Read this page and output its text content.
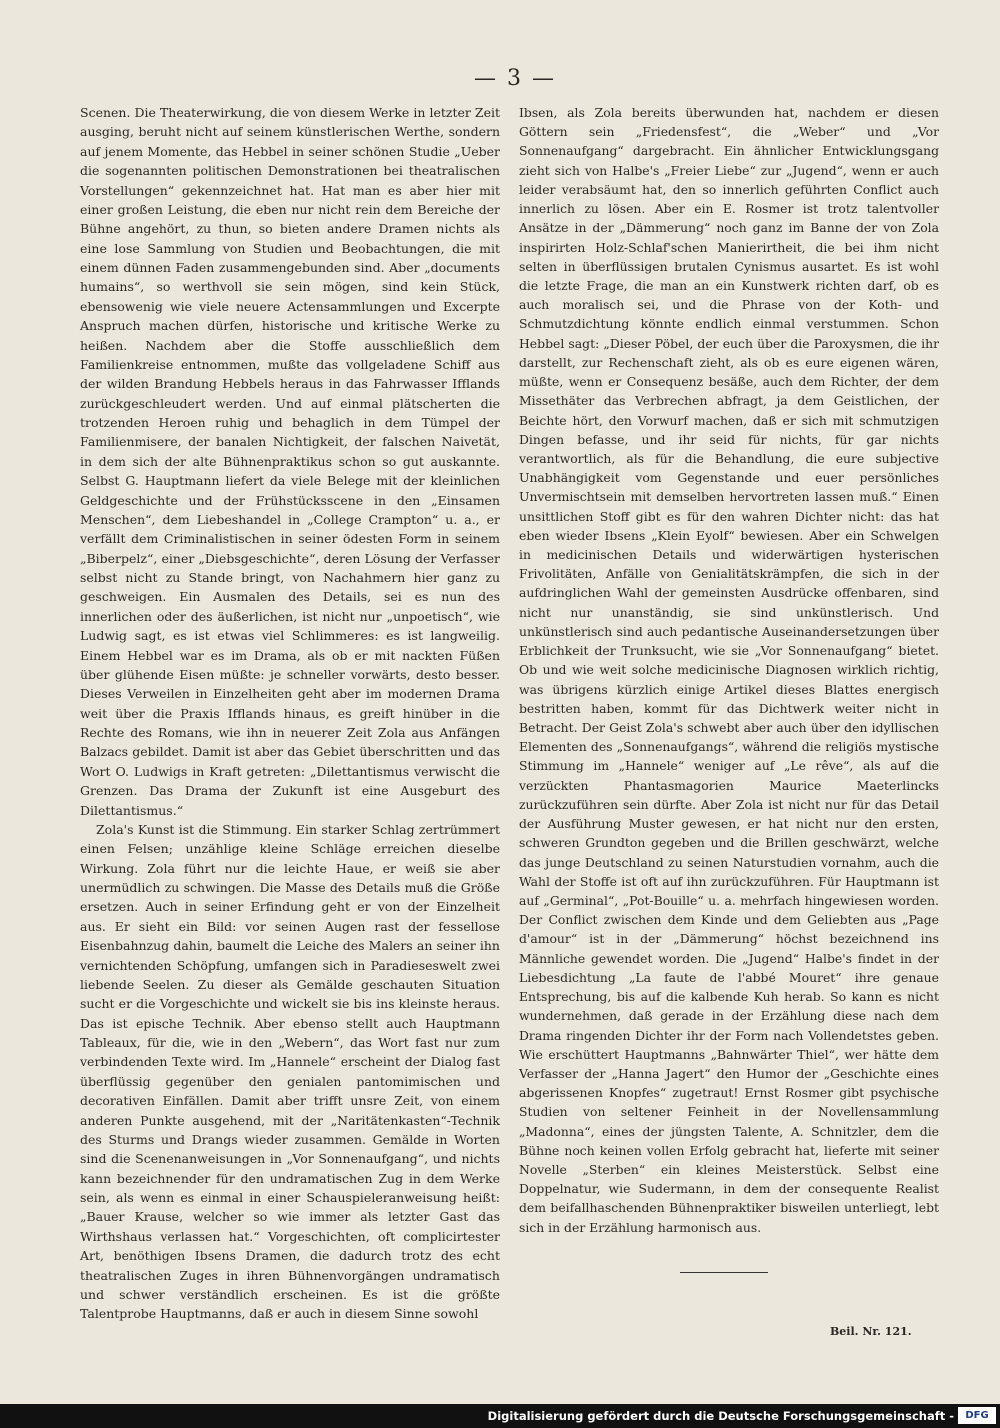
— 3 —

Scenen. Die Theaterwirkung, die von diesem Werke in letzter Zeit ausging, beruht nicht auf seinem künstlerischen Werthe, sondern auf jenem Momente, das Hebbel in seiner schönen Studie „Ueber die sogenannten politischen Demonstrationen bei theatralischen Vorstellungen“ gekennzeichnet hat. Hat man es aber hier mit einer großen Leistung, die eben nur nicht rein dem Bereiche der Bühne angehört, zu thun, so bieten andere Dramen nichts als eine lose Sammlung von Studien und Beobachtungen, die mit einem dünnen Faden zusammengebunden sind. Aber „documents humains“, so werthvoll sie sein mögen, sind kein Stück, ebensowenig wie viele neuere Actensammlungen und Excerpte Anspruch machen dürfen, historische und kritische Werke zu heißen. Nachdem aber die Stoffe ausschließlich dem Familienkreise entnommen, mußte das vollgeladene Schiff aus der wilden Brandung Hebbels heraus in das Fahrwasser Ifflands zurückgeschleudert werden. Und auf einmal plätscherten die trotzenden Heroen ruhig und behaglich in dem Tümpel der Familienmisere, der banalen Nichtigkeit, der falschen Naivetät, in dem sich der alte Bühnenpraktikus schon so gut auskannte. Selbst G. Hauptmann liefert da viele Belege mit der kleinlichen Geldgeschichte und der Frühstücksscene in den „Einsamen Menschen“, dem Liebeshandel in „College Crampton“ u. a., er verfällt dem Criminalistischen in seiner ödesten Form in seinem „Biberpelz“, einer „Diebsgeschichte“, deren Lösung der Verfasser selbst nicht zu Stande bringt, von Nachahmern hier ganz zu geschweigen. Ein Ausmalen des Details, sei es nun des innerlichen oder des äußerlichen, ist nicht nur „unpoetisch“, wie Ludwig sagt, es ist etwas viel Schlimmeres: es ist langweilig. Einem Hebbel war es im Drama, als ob er mit nackten Füßen über glühende Eisen müßte: je schneller vorwärts, desto besser. Dieses Verweilen in Einzelheiten geht aber im modernen Drama weit über die Praxis Ifflands hinaus, es greift hinüber in die Rechte des Romans, wie ihn in neuerer Zeit Zola aus Anfängen Balzacs gebildet. Damit ist aber das Gebiet überschritten und das Wort O. Ludwigs in Kraft getreten: „Dilettantismus verwischt die Grenzen. Das Drama der Zukunft ist eine Ausgeburt des Dilettantismus.“

Zola's Kunst ist die Stimmung. Ein starker Schlag zertrümmert einen Felsen; unzählige kleine Schläge erreichen dieselbe Wirkung. Zola führt nur die leichte Haue, er weiß sie aber unermüdlich zu schwingen. Die Masse des Details muß die Größe ersetzen. Auch in seiner Erfindung geht er von der Einzelheit aus. Er sieht ein Bild: vor seinen Augen rast der fessellose Eisenbahnzug dahin, baumelt die Leiche des Malers an seiner ihn vernichtenden Schöpfung, umfangen sich in Paradieseswelt zwei liebende Seelen. Zu dieser als Gemälde geschauten Situation sucht er die Vorgeschichte und wickelt sie bis ins kleinste heraus. Das ist epische Technik. Aber ebenso stellt auch Hauptmann Tableaux, für die, wie in den „Webern“, das Wort fast nur zum verbindenden Texte wird. Im „Hannele“ erscheint der Dialog fast überflüssig gegenüber den genialen pantomimischen und decorativen Einfällen. Damit aber trifft unsre Zeit, von einem anderen Punkte ausgehend, mit der „Naritätenkasten“-Technik des Sturms und Drangs wieder zusammen. Gemälde in Worten sind die Scenenanweisungen in „Vor Sonnenaufgang“, und nichts kann bezeichnender für den undramatischen Zug in dem Werke sein, als wenn es einmal in einer Schauspieleranweisung heißt: „Bauer Krause, welcher so wie immer als letzter Gast das Wirthshaus verlassen hat.“ Vorgeschichten, oft complicirtester Art, benöthigen Ibsens Dramen, die dadurch trotz des echt theatralischen Zuges in ihren Bühnenvorgängen undramatisch und schwer verständlich erscheinen. Es ist die größte Talentprobe Hauptmanns, daß er auch in diesem Sinne sowohl

Ibsen, als Zola bereits überwunden hat, nachdem er diesen Göttern sein „Friedensfest“, die „Weber“ und „Vor Sonnenaufgang“ dargebracht. Ein ähnlicher Entwicklungsgang zieht sich von Halbe's „Freier Liebe“ zur „Jugend“, wenn er auch leider verabsäumt hat, den so innerlich geführten Conflict auch innerlich zu lösen. Aber ein E. Rosmer ist trotz talentvoller Ansätze in der „Dämmerung“ noch ganz im Banne der von Zola inspirirten Holz-Schlaf'schen Manierirtheit, die bei ihm nicht selten in überflüssigen brutalen Cynismus ausartet. Es ist wohl die letzte Frage, die man an ein Kunstwerk richten darf, ob es auch moralisch sei, und die Phrase von der Koth- und Schmutzdichtung könnte endlich einmal verstummen. Schon Hebbel sagt: „Dieser Pöbel, der euch über die Paroxysmen, die ihr darstellt, zur Rechenschaft zieht, als ob es eure eigenen wären, müßte, wenn er Consequenz besäße, auch dem Richter, der dem Missethäter das Verbrechen abfragt, ja dem Geistlichen, der Beichte hört, den Vorwurf machen, daß er sich mit schmutzigen Dingen befasse, und ihr seid für nichts, für gar nichts verantwortlich, als für die Behandlung, die eure subjective Unabhängigkeit vom Gegenstande und euer persönliches Unvermischtsein mit demselben hervortreten lassen muß.“ Einen unsittlichen Stoff gibt es für den wahren Dichter nicht: das hat eben wieder Ibsens „Klein Eyolf“ bewiesen. Aber ein Schwelgen in medicinischen Details und widerwärtigen hysterischen Frivolitäten, Anfälle von Genialitätskrämpfen, die sich in der aufdringlichen Wahl der gemeinsten Ausdrücke offenbaren, sind nicht nur unanständig, sie sind unkünstlerisch. Und unkünstlerisch sind auch pedantische Auseinandersetzungen über Erblichkeit der Trunksucht, wie sie „Vor Sonnenaufgang“ bietet. Ob und wie weit solche medicinische Diagnosen wirklich richtig, was übrigens kürzlich einige Artikel dieses Blattes energisch bestritten haben, kommt für das Dichtwerk weiter nicht in Betracht. Der Geist Zola's schwebt aber auch über den idyllischen Elementen des „Sonnenaufgangs“, während die religiös mystische Stimmung im „Hannele“ weniger auf „Le rêve“, als auf die verzückten Phantasmagorien Maurice Maeterlincks zurückzuführen sein dürfte. Aber Zola ist nicht nur für das Detail der Ausführung Muster gewesen, er hat nicht nur den ersten, schweren Grundton gegeben und die Brillen geschwärzt, welche das junge Deutschland zu seinen Naturstudien vornahm, auch die Wahl der Stoffe ist oft auf ihn zurückzuführen. Für Hauptmann ist auf „Germinal“, „Pot-Bouille“ u. a. mehrfach hingewiesen worden. Der Conflict zwischen dem Kinde und dem Geliebten aus „Page d'amour“ ist in der „Dämmerung“ höchst bezeichnend ins Männliche gewendet worden. Die „Jugend“ Halbe's findet in der Liebesdichtung „La faute de l'abbé Mouret“ ihre genaue Entsprechung, bis auf die kalbende Kuh herab. So kann es nicht wundernehmen, daß gerade in der Erzählung diese nach dem Drama ringenden Dichter ihr der Form nach Vollendetstes geben. Wie erschüttert Hauptmanns „Bahnwärter Thiel“, wer hätte dem Verfasser der „Hanna Jagert“ den Humor der „Geschichte eines abgerissenen Knopfes“ zugetraut! Ernst Rosmer gibt psychische Studien von seltener Feinheit in der Novellensammlung „Madonna“, eines der jüngsten Talente, A. Schnitzler, dem die Bühne noch keinen vollen Erfolg gebracht hat, lieferte mit seiner Novelle „Sterben“ ein kleines Meisterstück. Selbst eine Doppelnatur, wie Sudermann, in dem der consequente Realist dem beifallhaschenden Bühnenpraktiker bisweilen unterliegt, lebt sich in der Erzählung harmonisch aus.

Beil. Nr. 121.
Digitalisierung gefördert durch die Deutsche Forschungsgemeinschaft -	DFG
